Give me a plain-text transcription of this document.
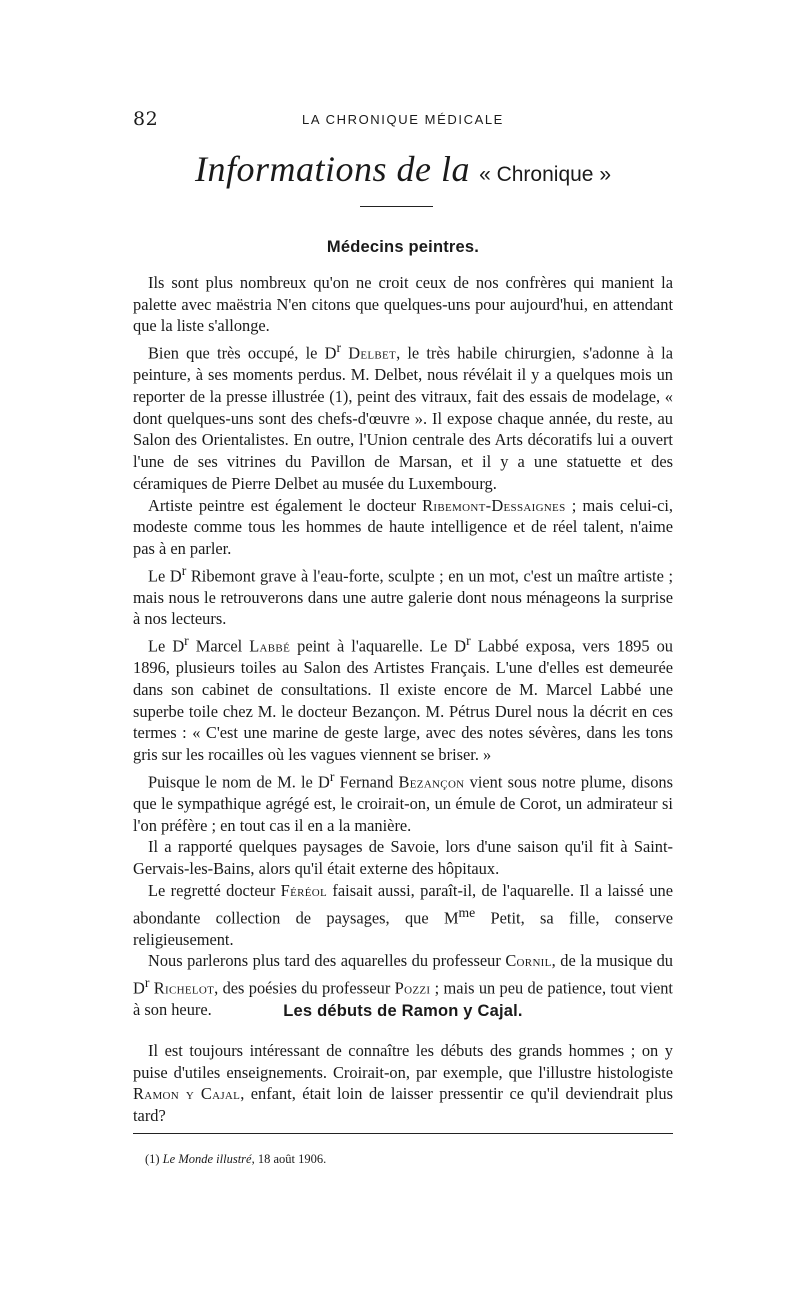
82	LA CHRONIQUE MÉDICALE
Informations de la « Chronique »
Médecins peintres.

Ils sont plus nombreux qu'on ne croit ceux de nos confrères qui manient la palette avec maëstria N'en citons que quelques-uns pour aujourd'hui, en attendant que la liste s'allonge.

Bien que très occupé, le $D^r$ Delbet, le très habile chirurgien, s'adonne à la peinture, à ses moments perdus. M. Delbet, nous révélait il y a quelques mois un reporter de la presse illustrée (1), peint des vitraux, fait des essais de modelage, « dont quelques-uns sont des chefs-d'œuvre ». Il expose chaque année, du reste, au Salon des Orientalistes. En outre, l'Union centrale des Arts décoratifs lui a ouvert l'une de ses vitrines du Pavillon de Marsan, et il y a une statuette et des céramiques de Pierre Delbet au musée du Luxembourg.

Artiste peintre est également le docteur Ribemont-Dessaignes ; mais celui-ci, modeste comme tous les hommes de haute intelligence et de réel talent, n'aime pas à en parler.

Le $D^r$ Ribemont grave à l'eau-forte, sculpte ; en un mot, c'est un maître artiste ; mais nous le retrouverons dans une autre galerie dont nous ménageons la surprise à nos lecteurs.

Le $D^r$ Marcel Labbé peint à l'aquarelle. Le $D^r$ Labbé exposa, vers 1895 ou 1896, plusieurs toiles au Salon des Artistes Français. L'une d'elles est demeurée dans son cabinet de consultations. Il existe encore de M. Marcel Labbé une superbe toile chez M. le docteur Bezançon. M. Pétrus Durel nous la décrit en ces termes : « C'est une marine de geste large, avec des notes sévères, dans les tons gris sur les rocailles où les vagues viennent se briser. »

Puisque le nom de M. le $D^r$ Fernand Bezançon vient sous notre plume, disons que le sympathique agrégé est, le croirait-on, un émule de Corot, un admirateur si l'on préfère ; en tout cas il en a la manière.

Il a rapporté quelques paysages de Savoie, lors d'une saison qu'il fit à Saint-Gervais-les-Bains, alors qu'il était externe des hôpitaux.

Le regretté docteur Féréol faisait aussi, paraît-il, de l'aquarelle. Il a laissé une abondante collection de paysages, que $M^{me}$ Petit, sa fille, conserve religieusement.

Nous parlerons plus tard des aquarelles du professeur Cornil, de la musique du $D^r$ Richelot, des poésies du professeur Pozzi ; mais un peu de patience, tout vient à son heure.	Les débuts de Ramon y Cajal.

Il est toujours intéressant de connaître les débuts des grands hommes ; on y puise d'utiles enseignements. Croirait-on, par exemple, que l'illustre histologiste Ramon y Cajal, enfant, était loin de laisser pressentir ce qu'il deviendrait plus tard?

(1) Le Monde illustré, 18 août 1906.
